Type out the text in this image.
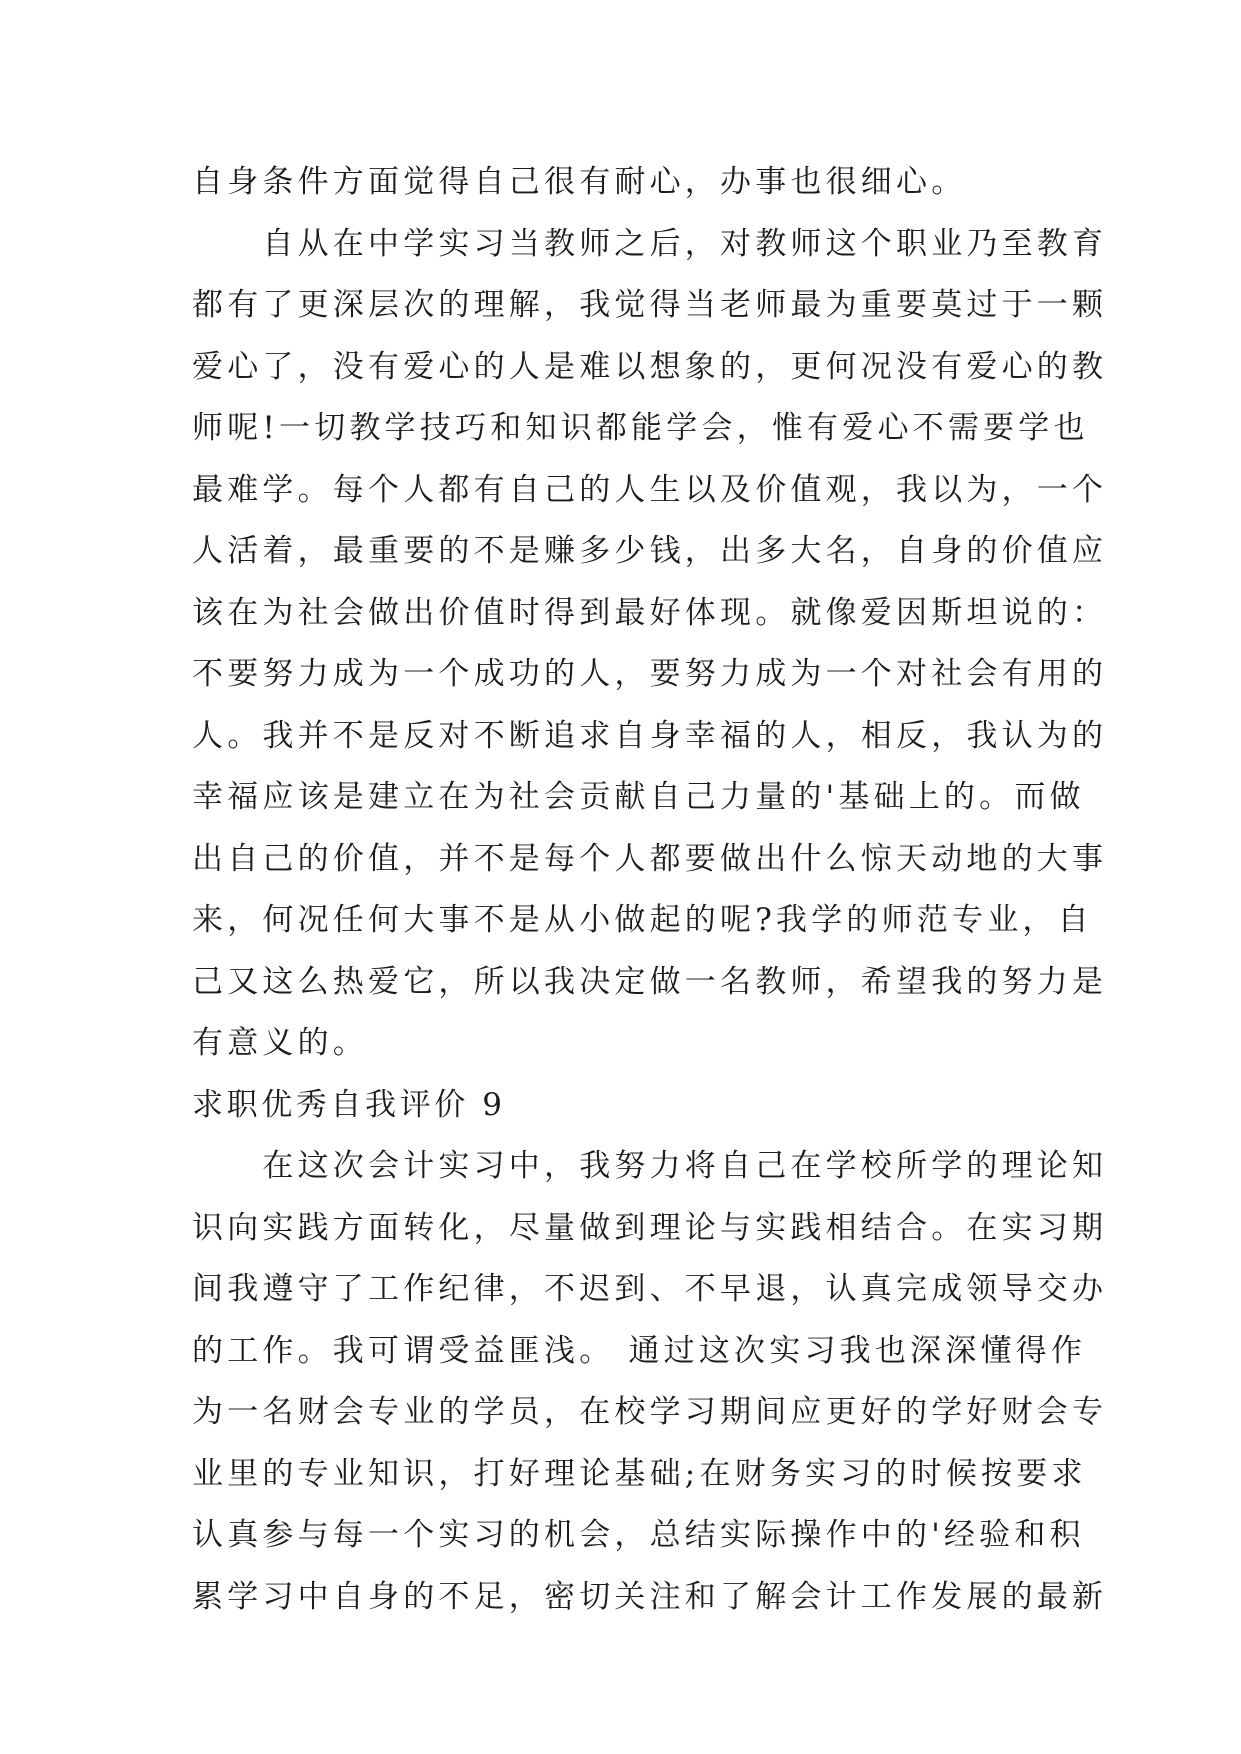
自身条件方面觉得自己很有耐心，办事也很细心。
　　自从在中学实习当教师之后，对教师这个职业乃至教育
都有了更深层次的理解，我觉得当老师最为重要莫过于一颗
爱心了，没有爱心的人是难以想象的，更何况没有爱心的教
师呢!一切教学技巧和知识都能学会，惟有爱心不需要学也
最难学。每个人都有自己的人生以及价值观，我以为，一个
人活着，最重要的不是赚多少钱，出多大名，自身的价值应
该在为社会做出价值时得到最好体现。就像爱因斯坦说的：
不要努力成为一个成功的人，要努力成为一个对社会有用的
人。我并不是反对不断追求自身幸福的人，相反，我认为的
幸福应该是建立在为社会贡献自己力量的'基础上的。而做
出自己的价值，并不是每个人都要做出什么惊天动地的大事
来，何况任何大事不是从小做起的呢?我学的师范专业，自
己又这么热爱它，所以我决定做一名教师，希望我的努力是
有意义的。
求职优秀自我评价 9
　　在这次会计实习中，我努力将自己在学校所学的理论知
识向实践方面转化，尽量做到理论与实践相结合。在实习期
间我遵守了工作纪律，不迟到、不早退，认真完成领导交办
的工作。我可谓受益匪浅。 通过这次实习我也深深懂得作
为一名财会专业的学员，在校学习期间应更好的学好财会专
业里的专业知识，打好理论基础;在财务实习的时候按要求
认真参与每一个实习的机会，总结实际操作中的'经验和积
累学习中自身的不足，密切关注和了解会计工作发展的最新
